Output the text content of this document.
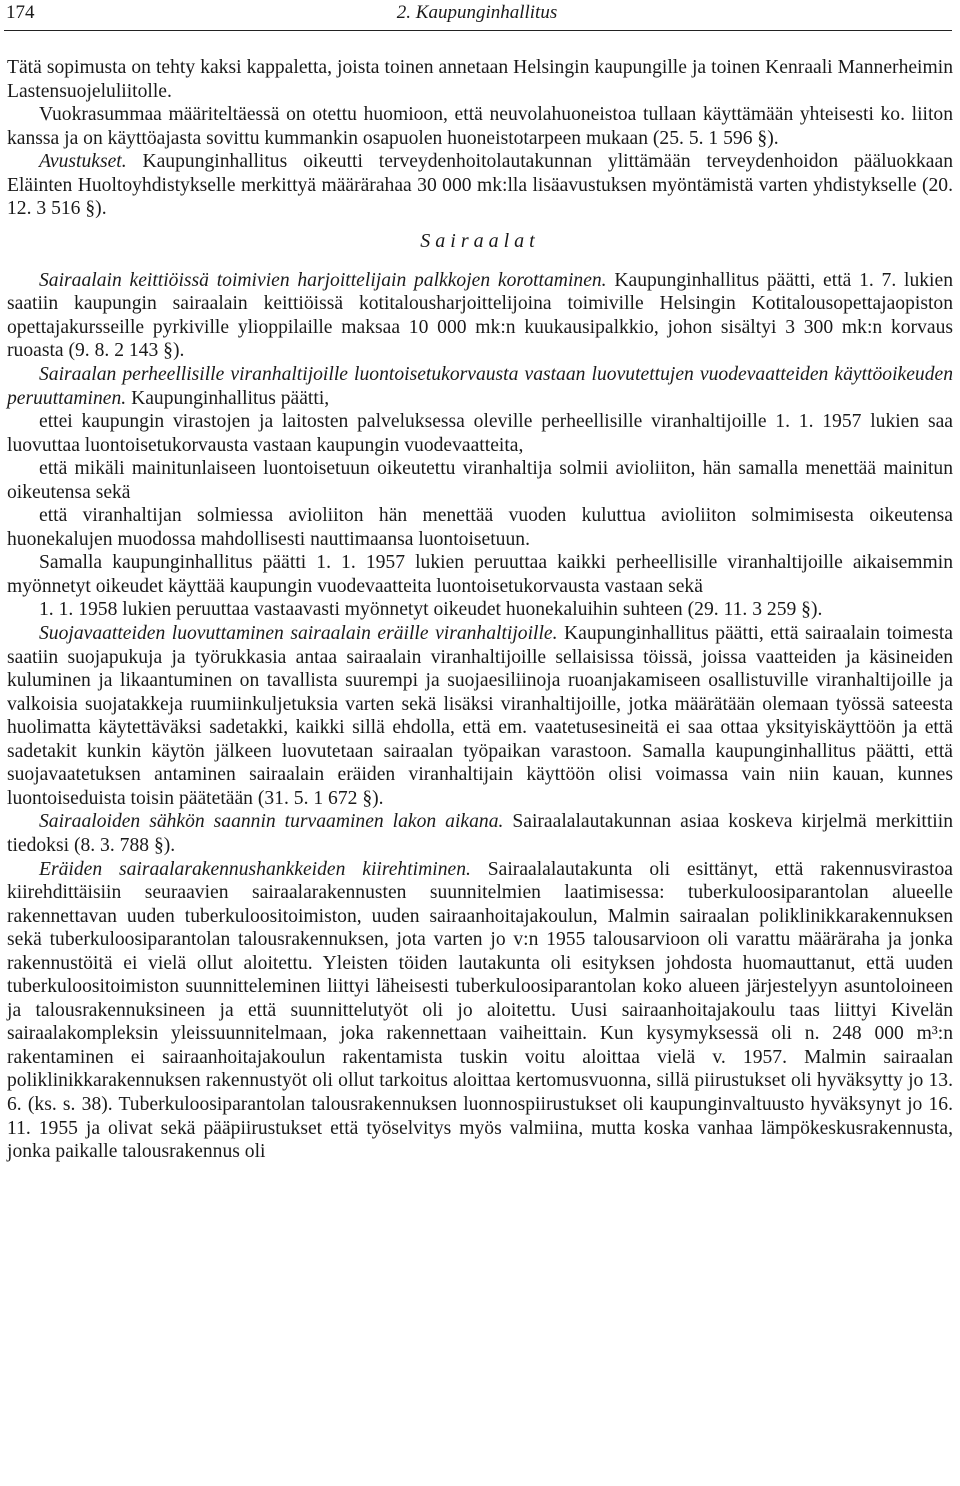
174	2. Kaupunginhallitus

Tätä sopimusta on tehty kaksi kappaletta, joista toinen annetaan Helsingin kaupungille ja toinen Kenraali Mannerheimin Lastensuojeluliitolle.

Vuokrasummaa määriteltäessä on otettu huomioon, että neuvolahuoneistoa tullaan käyttämään yhteisesti ko. liiton kanssa ja on käyttöajasta sovittu kummankin osapuolen huoneistotarpeen mukaan (25. 5. 1 596 §).

Avustukset. Kaupunginhallitus oikeutti terveydenhoitolautakunnan ylittämään terveydenhoidon pääluokkaan Eläinten Huoltoyhdistykselle merkittyä määrärahaa 30 000 mk:lla lisäavustuksen myöntämistä varten yhdistykselle (20. 12. 3 516 §).

Sairaalat

Sairaalain keittiöissä toimivien harjoittelijain palkkojen korottaminen. Kaupunginhallitus päätti, että 1. 7. lukien saatiin kaupungin sairaalain keittiöissä kotitalousharjoittelijoina toimiville Helsingin Kotitalousopettajaopiston opettajakursseille pyrkiville ylioppilaille maksaa 10 000 mk:n kuukausipalkkio, johon sisältyi 3 300 mk:n korvaus ruoasta (9. 8. 2 143 §).

Sairaalan perheellisille viranhaltijoille luontoisetukorvausta vastaan luovutettujen vuodevaatteiden käyttöoikeuden peruuttaminen. Kaupunginhallitus päätti,

ettei kaupungin virastojen ja laitosten palveluksessa oleville perheellisille viranhaltijoille 1. 1. 1957 lukien saa luovuttaa luontoisetukorvausta vastaan kaupungin vuodevaatteita,

että mikäli mainitunlaiseen luontoisetuun oikeutettu viranhaltija solmii avioliiton, hän samalla menettää mainitun oikeutensa sekä

että viranhaltijan solmiessa avioliiton hän menettää vuoden kuluttua avioliiton solmimisesta oikeutensa huonekalujen muodossa mahdollisesti nauttimaansa luontoisetuun.

Samalla kaupunginhallitus päätti 1. 1. 1957 lukien peruuttaa kaikki perheellisille viranhaltijoille aikaisemmin myönnetyt oikeudet käyttää kaupungin vuodevaatteita luontoisetukorvausta vastaan sekä

1. 1. 1958 lukien peruuttaa vastaavasti myönnetyt oikeudet huonekaluihin suhteen (29. 11. 3 259 §).

Suojavaatteiden luovuttaminen sairaalain eräille viranhaltijoille. Kaupunginhallitus päätti, että sairaalain toimesta saatiin suojapukuja ja työrukkasia antaa sairaalain viranhaltijoille sellaisissa töissä, joissa vaatteiden ja käsineiden kuluminen ja likaantuminen on tavallista suurempi ja suojaesiliinoja ruoanjakamiseen osallistuville viranhaltijoille ja valkoisia suojatakkeja ruumiinkuljetuksia varten sekä lisäksi viranhaltijoille, jotka määrätään olemaan työssä sateesta huolimatta käytettäväksi sadetakki, kaikki sillä ehdolla, että em. vaatetusesineitä ei saa ottaa yksityiskäyttöön ja että sadetakit kunkin käytön jälkeen luovutetaan sairaalan työpaikan varastoon. Samalla kaupunginhallitus päätti, että suojavaatetuksen antaminen sairaalain eräiden viranhaltijain käyttöön olisi voimassa vain niin kauan, kunnes luontoiseduista toisin päätetään (31. 5. 1 672 §).

Sairaaloiden sähkön saannin turvaaminen lakon aikana. Sairaalalautakunnan asiaa koskeva kirjelmä merkittiin tiedoksi (8. 3. 788 §).

Eräiden sairaalarakennushankkeiden kiirehtiminen. Sairaalalautakunta oli esittänyt, että rakennusvirastoa kiirehdittäisiin seuraavien sairaalarakennusten suunnitelmien laatimisessa: tuberkuloosiparantolan alueelle rakennettavan uuden tuberkuloositoimiston, uuden sairaanhoitajakoulun, Malmin sairaalan poliklinikkarakennuksen sekä tuberkuloosiparantolan talousrakennuksen, jota varten jo v:n 1955 talousarvioon oli varattu määräraha ja jonka rakennustöitä ei vielä ollut aloitettu. Yleisten töiden lautakunta oli esityksen johdosta huomauttanut, että uuden tuberkuloositoimiston suunnitteleminen liittyi läheisesti tuberkuloosiparantolan koko alueen järjestelyyn asuntoloineen ja talousrakennuksineen ja että suunnittelutyöt oli jo aloitettu. Uusi sairaanhoitajakoulu taas liittyi Kivelän sairaalakompleksin yleissuunnitelmaan, joka rakennettaan vaiheittain. Kun kysymyksessä oli n. 248 000 m³:n rakentaminen ei sairaanhoitajakoulun rakentamista tuskin voitu aloittaa vielä v. 1957. Malmin sairaalan poliklinikkarakennuksen rakennustyöt oli ollut tarkoitus aloittaa kertomusvuonna, sillä piirustukset oli hyväksytty jo 13. 6. (ks. s. 38). Tuberkuloosiparantolan talousrakennuksen luonnospiirustukset oli kaupunginvaltuusto hyväksynyt jo 16. 11. 1955 ja olivat sekä pääpiirustukset että työselvitys myös valmiina, mutta koska vanhaa lämpökeskusrakennusta, jonka paikalle talousrakennus oli
